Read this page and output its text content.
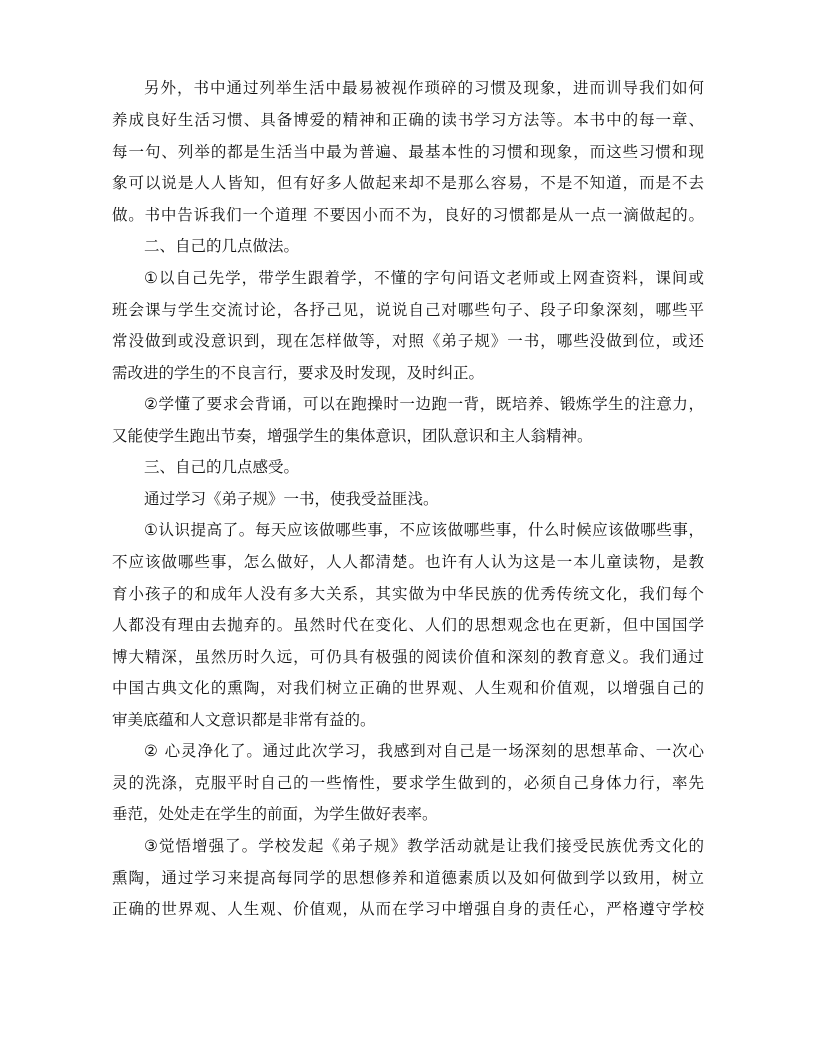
另外，书中通过列举生活中最易被视作琐碎的习惯及现象，进而训导我们如何
养成良好生活习惯、具备博爱的精神和正确的读书学习方法等。本书中的每一章、
每一句、列举的都是生活当中最为普遍、最基本性的习惯和现象，而这些习惯和现
象可以说是人人皆知，但有好多人做起来却不是那么容易，不是不知道，而是不去
做。书中告诉我们一个道理 不要因小而不为，良好的习惯都是从一点一滴做起的。
二、自己的几点做法。
①以自己先学，带学生跟着学，不懂的字句问语文老师或上网查资料，课间或
班会课与学生交流讨论，各抒己见，说说自己对哪些句子、段子印象深刻，哪些平
常没做到或没意识到，现在怎样做等，对照《弟子规》一书，哪些没做到位，或还
需改进的学生的不良言行，要求及时发现，及时纠正。
②学懂了要求会背诵，可以在跑操时一边跑一背，既培养、锻炼学生的注意力，
又能使学生跑出节奏，增强学生的集体意识，团队意识和主人翁精神。
三、自己的几点感受。
通过学习《弟子规》一书，使我受益匪浅。
①认识提高了。每天应该做哪些事，不应该做哪些事，什么时候应该做哪些事，
不应该做哪些事，怎么做好，人人都清楚。也许有人认为这是一本儿童读物，是教
育小孩子的和成年人没有多大关系，其实做为中华民族的优秀传统文化，我们每个
人都没有理由去抛弃的。虽然时代在变化、人们的思想观念也在更新，但中国国学
博大精深，虽然历时久远，可仍具有极强的阅读价值和深刻的教育意义。我们通过
中国古典文化的熏陶，对我们树立正确的世界观、人生观和价值观，以增强自己的
审美底蕴和人文意识都是非常有益的。
② 心灵净化了。通过此次学习，我感到对自己是一场深刻的思想革命、一次心
灵的洗涤，克服平时自己的一些惰性，要求学生做到的，必须自己身体力行，率先
垂范，处处走在学生的前面，为学生做好表率。
③觉悟增强了。学校发起《弟子规》教学活动就是让我们接受民族优秀文化的
熏陶，通过学习来提高每同学的思想修养和道德素质以及如何做到学以致用，树立
正确的世界观、人生观、价值观，从而在学习中增强自身的责任心，严格遵守学校
